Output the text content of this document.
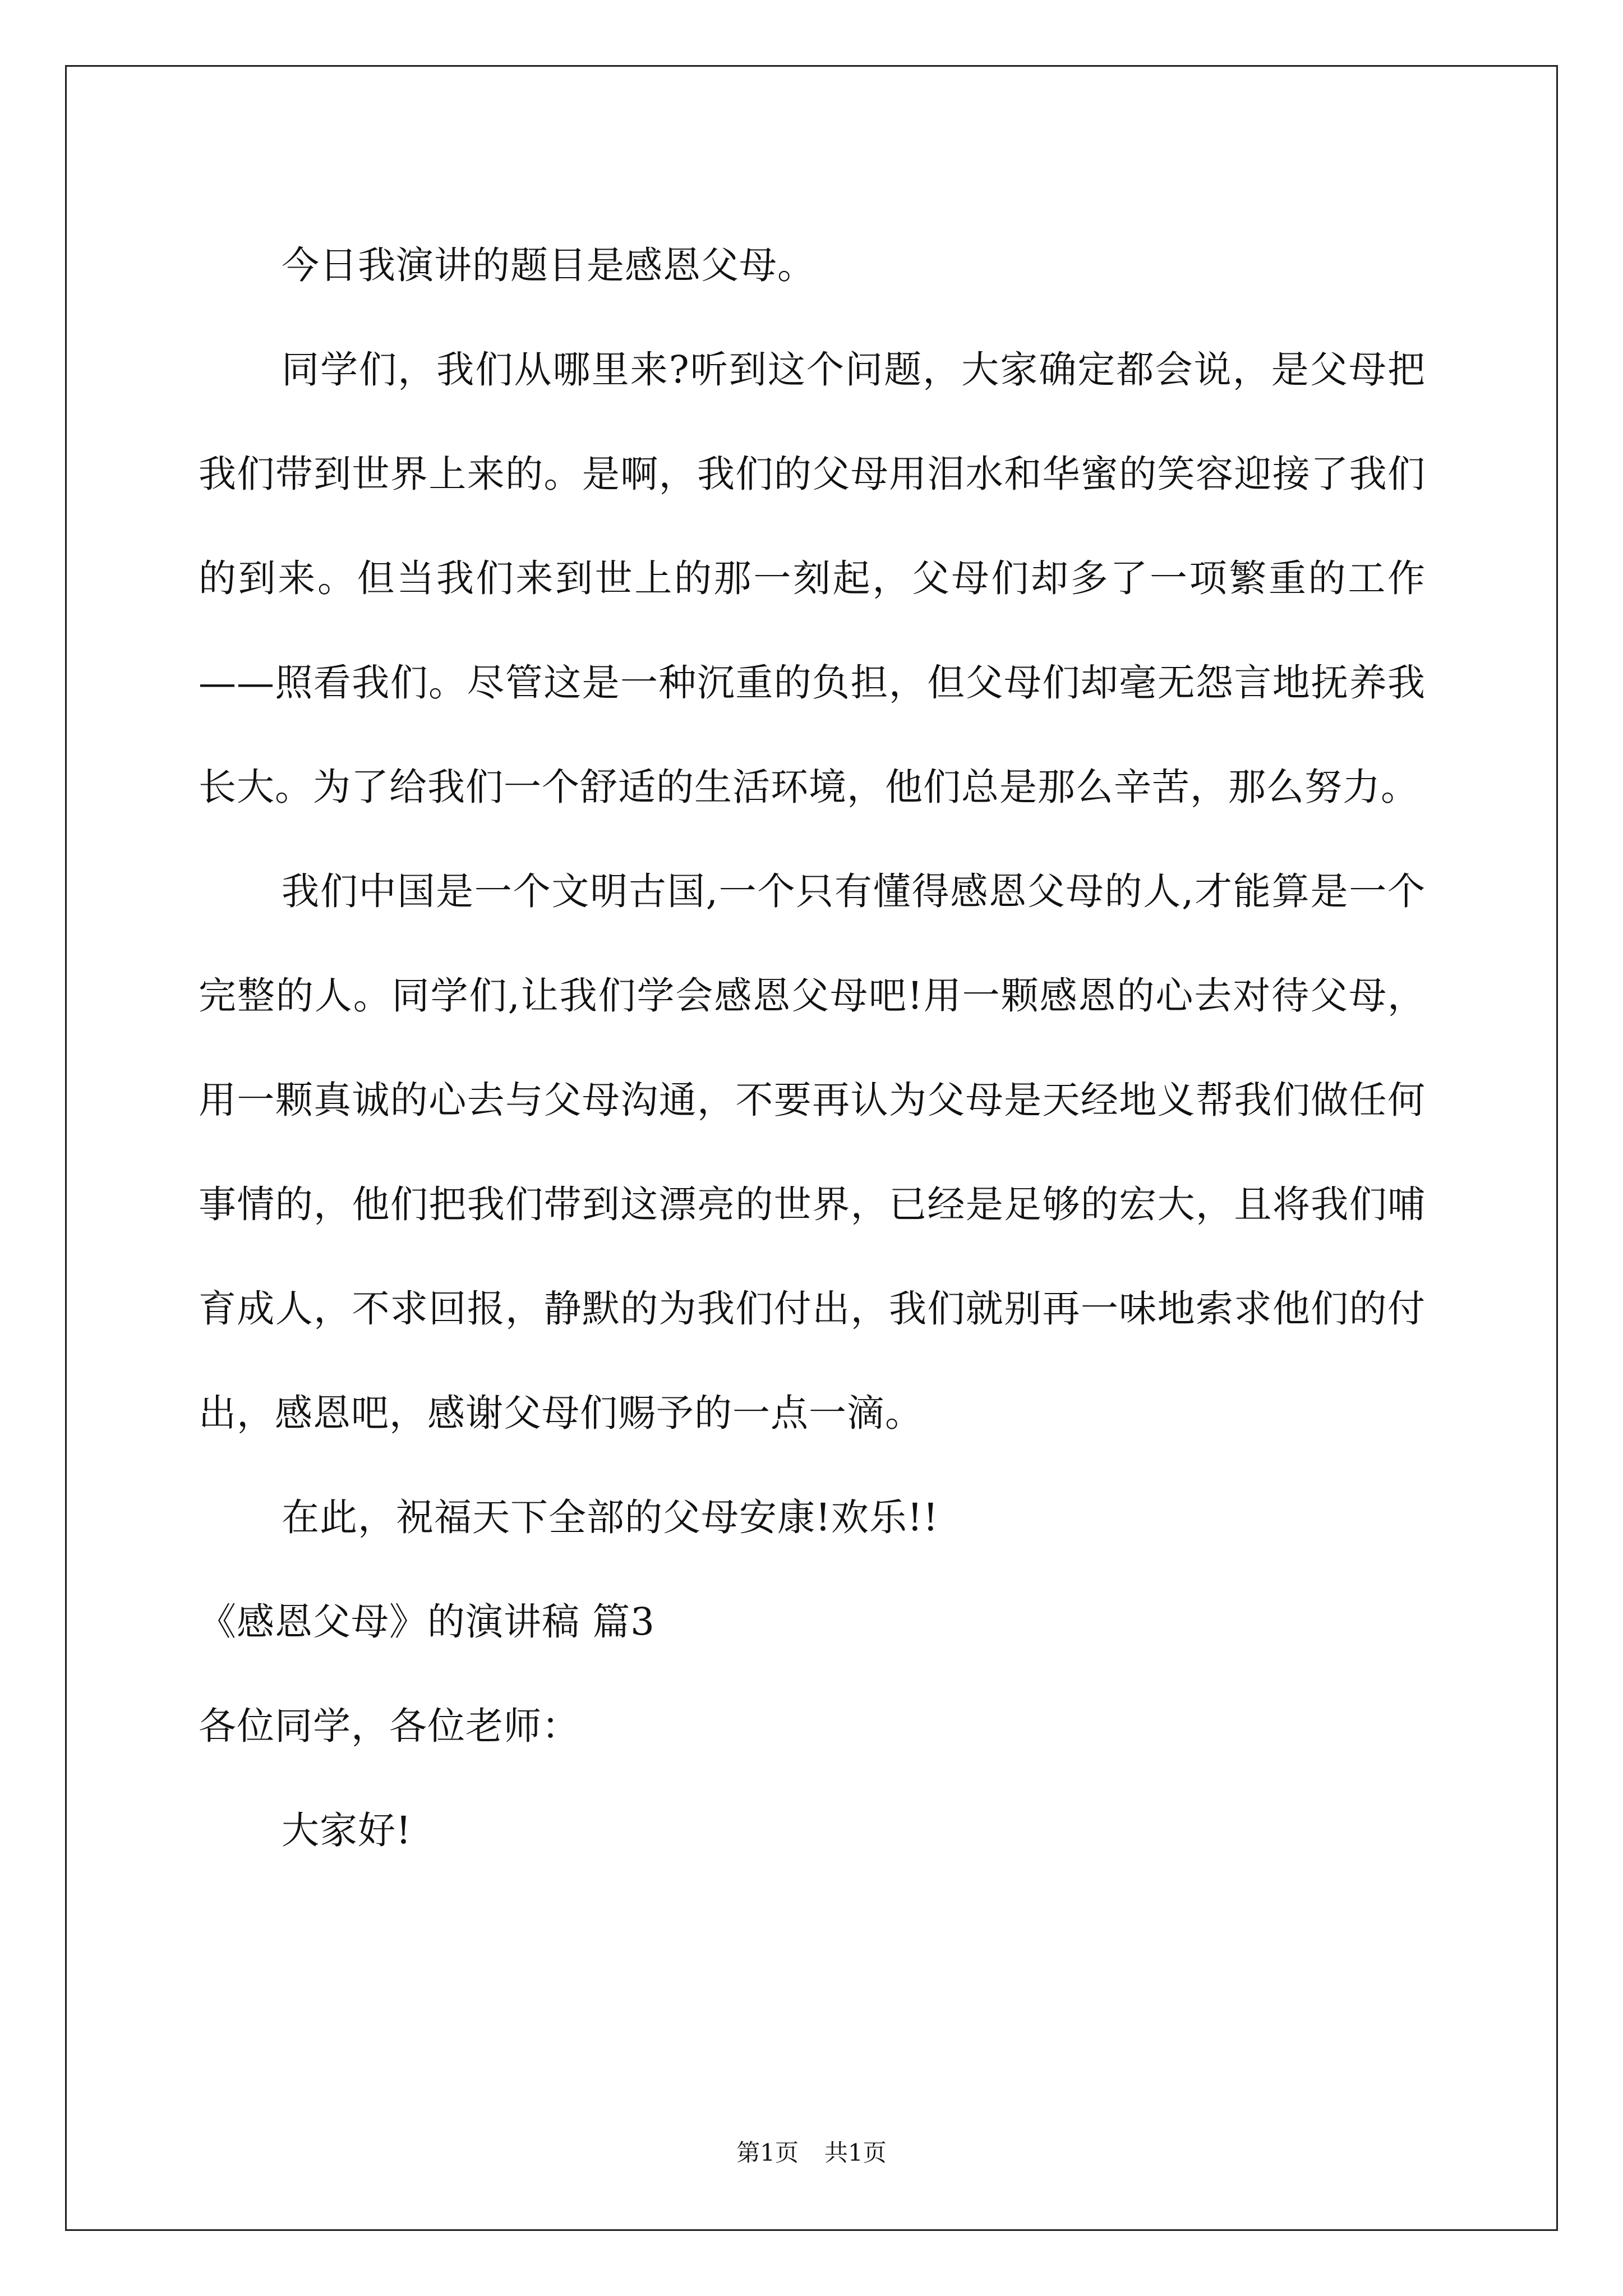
今日我演讲的题目是感恩父母。

同学们，我们从哪里来?听到这个问题，大家确定都会说，是父母把我们带到世界上来的。是啊，我们的父母用泪水和华蜜的笑容迎接了我们的到来。但当我们来到世上的那一刻起，父母们却多了一项繁重的工作——照看我们。尽管这是一种沉重的负担，但父母们却毫无怨言地抚养我长大。为了给我们一个舒适的生活环境，他们总是那么辛苦，那么努力。

我们中国是一个文明古国,一个只有懂得感恩父母的人,才能算是一个完整的人。同学们,让我们学会感恩父母吧!用一颗感恩的心去对待父母，用一颗真诚的心去与父母沟通，不要再认为父母是天经地义帮我们做任何事情的，他们把我们带到这漂亮的世界，已经是足够的宏大，且将我们哺育成人，不求回报，静默的为我们付出，我们就别再一味地索求他们的付出，感恩吧，感谢父母们赐予的一点一滴。

在此，祝福天下全部的父母安康!欢乐!!

《感恩父母》的演讲稿 篇3

各位同学，各位老师：

大家好!

第1页 共1页
